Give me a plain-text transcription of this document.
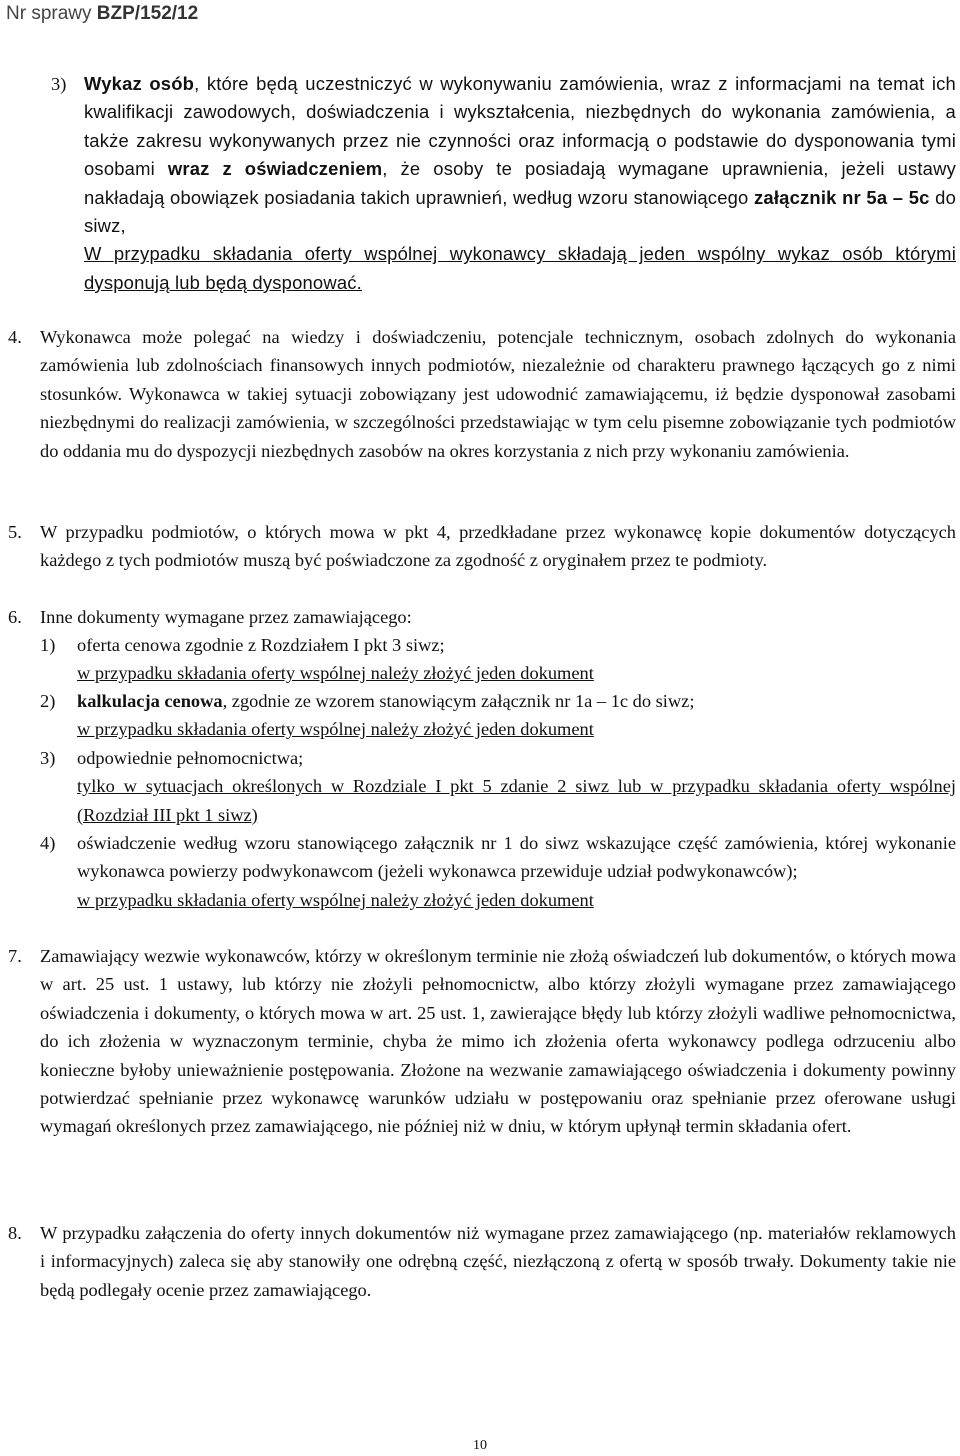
Nr sprawy BZP/152/12
3) Wykaz osób, które będą uczestniczyć w wykonywaniu zamówienia, wraz z informacjami na temat ich kwalifikacji zawodowych, doświadczenia i wykształcenia, niezbędnych do wykonania zamówienia, a także zakresu wykonywanych przez nie czynności oraz informacją o podstawie do dysponowania tymi osobami wraz z oświadczeniem, że osoby te posiadają wymagane uprawnienia, jeżeli ustawy nakładają obowiązek posiadania takich uprawnień, według wzoru stanowiącego załącznik nr 5a – 5c do siwz,
W przypadku składania oferty wspólnej wykonawcy składają jeden wspólny wykaz osób którymi dysponują lub będą dysponować.
4. Wykonawca może polegać na wiedzy i doświadczeniu, potencjale technicznym, osobach zdolnych do wykonania zamówienia lub zdolnościach finansowych innych podmiotów, niezależnie od charakteru prawnego łączących go z nimi stosunków. Wykonawca w takiej sytuacji zobowiązany jest udowodnić zamawiającemu, iż będzie dysponował zasobami niezbędnymi do realizacji zamówienia, w szczególności przedstawiając w tym celu pisemne zobowiązanie tych podmiotów do oddania mu do dyspozycji niezbędnych zasobów na okres korzystania z nich przy wykonaniu zamówienia.
5. W przypadku podmiotów, o których mowa w pkt 4, przedkładane przez wykonawcę kopie dokumentów dotyczących każdego z tych podmiotów muszą być poświadczone za zgodność z oryginałem przez te podmioty.
6. Inne dokumenty wymagane przez zamawiającego:
1) oferta cenowa zgodnie z Rozdziałem I pkt 3 siwz;
w przypadku składania oferty wspólnej należy złożyć jeden dokument
2) kalkulacja cenowa, zgodnie ze wzorem stanowiącym załącznik nr 1a – 1c do siwz;
w przypadku składania oferty wspólnej należy złożyć jeden dokument
3) odpowiednie pełnomocnictwa;
tylko w sytuacjach określonych w Rozdziale I pkt 5 zdanie 2 siwz lub w przypadku składania oferty wspólnej (Rozdział III pkt 1 siwz)
4) oświadczenie według wzoru stanowiącego załącznik nr 1 do siwz wskazujące część zamówienia, której wykonanie wykonawca powierzy podwykonawcom (jeżeli wykonawca przewiduje udział podwykonawców);
w przypadku składania oferty wspólnej należy złożyć jeden dokument
7. Zamawiający wezwie wykonawców, którzy w określonym terminie nie złożą oświadczeń lub dokumentów, o których mowa w art. 25 ust. 1 ustawy, lub którzy nie złożyli pełnomocnictw, albo którzy złożyli wymagane przez zamawiającego oświadczenia i dokumenty, o których mowa w art. 25 ust. 1, zawierające błędy lub którzy złożyli wadliwe pełnomocnictwa, do ich złożenia w wyznaczonym terminie, chyba że mimo ich złożenia oferta wykonawcy podlega odrzuceniu albo konieczne byłoby unieważnienie postępowania. Złożone na wezwanie zamawiającego oświadczenia i dokumenty powinny potwierdzać spełnianie przez wykonawcę warunków udziału w postępowaniu oraz spełnianie przez oferowane usługi wymagań określonych przez zamawiającego, nie później niż w dniu, w którym upłynął termin składania ofert.
8. W przypadku załączenia do oferty innych dokumentów niż wymagane przez zamawiającego (np. materiałów reklamowych i informacyjnych) zaleca się aby stanowiły one odrębną część, niezłączoną z ofertą w sposób trwały. Dokumenty takie nie będą podlegały ocenie przez zamawiającego.
10
